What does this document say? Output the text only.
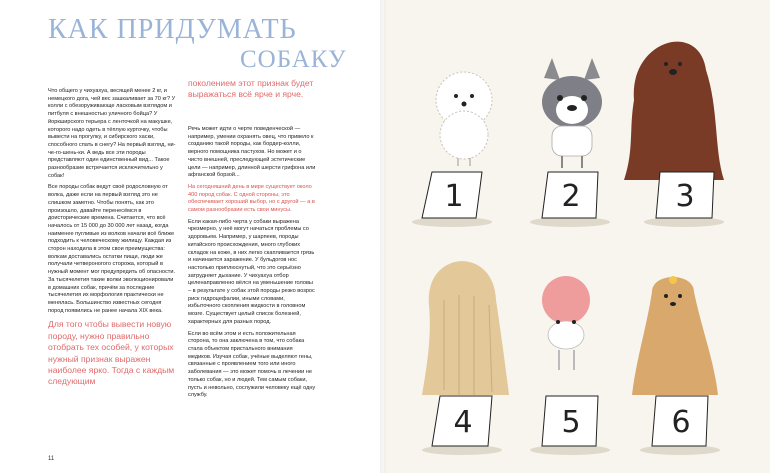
КАК ПРИДУМАТЬ
СОБАКУ

Что общего у чихуахуа, весящей менее 2 кг, и немецкого дога, чей вес зашкаливает за 70 кг? У колли с обезоруживающе ласковым взглядом и питбуля с внешностью уличного бойца? У йоркширского терьера с ленточкой на макушке, которого надо одеть в тёплую курточку, чтобы вывести на прогулку, и сибирского хаски, способного спать в снегу? На первый взгляд, ни-че-го-шень-ки. А ведь все эти породы представляют один единственный вид... Такое разнообразие встречается исключительно у собак!

Все породы собак ведут своё родословную от волка, даже если на первый взгляд это не слишком заметно. Чтобы понять, как это произошло, давайте перенесёмся в доисторические времена. Считается, что всё началось от 15 000 до 30 000 лет назад, когда наименее пугливые из волков начали всё ближе подходить к человеческому жилищу. Каждая из сторон находила в этом свои преимущества: волкам доставались остатки пищи, люди же получали четвероногого сторожа, который в нужный момент мог предупредить об опасности. За тысячелетия такие волки эволюционировали в домашних собак, причём за последние тысячелетия их морфология практически не менялась. Большинство известных сегодня пород появились не ранее начала XIX века.

Для того чтобы вывести новую породу, нужно правильно отобрать тех особей, у которых нужный признак выражен наиболее ярко. Тогда с каждым следующим

поколением этот признак будет выражаться всё ярче и ярче.

Речь может идти о черте поведенческой — например, умении охранять овец, что привело к созданию такой породы, как бордер-колли, верного помощника пастухов. Но может и о чисто внешней, преследующей эстетические цели — например, длинной шерсти грифона или афганской борзой...

На сегодняшний день в мире существует около 400 пород собак. С одной стороны, это обеспечивает хороший выбор, но с другой — а в самом разнообразии есть свои минусы.

Если какая-либо черта у собаки выражена чрезмерно, у неё могут начаться проблемы со здоровьем. Например, у шарпеев, породы китайского происхождения, много глубоких складок на коже, в них легко скапливается грязь и начинается заражение. У бульдогов нос настолько приплюснутый, что это серьёзно затрудняет дыхание. У чихуахуа отбор целенаправленно вёлся на уменьшение головы – в результате у собак этой породы резко возрос риск гидроцефалии, иными словами, избыточного скопления жидкости в головном мозге. Существует целый список болезней, характерных для разных пород.

Если во всём этом и есть положительная сторона, то она заключена в том, что собака стала объектом пристального внимания медиков. Изучая собак, учёные выделяют гены, связанные с проявлением того или иного заболевания — это может помочь в лечении не только собак, но и людей. Тем самым собаки, пусть и невольно, сослужили человеку ещё одну службу.

11
1	2	3
4	5	6
